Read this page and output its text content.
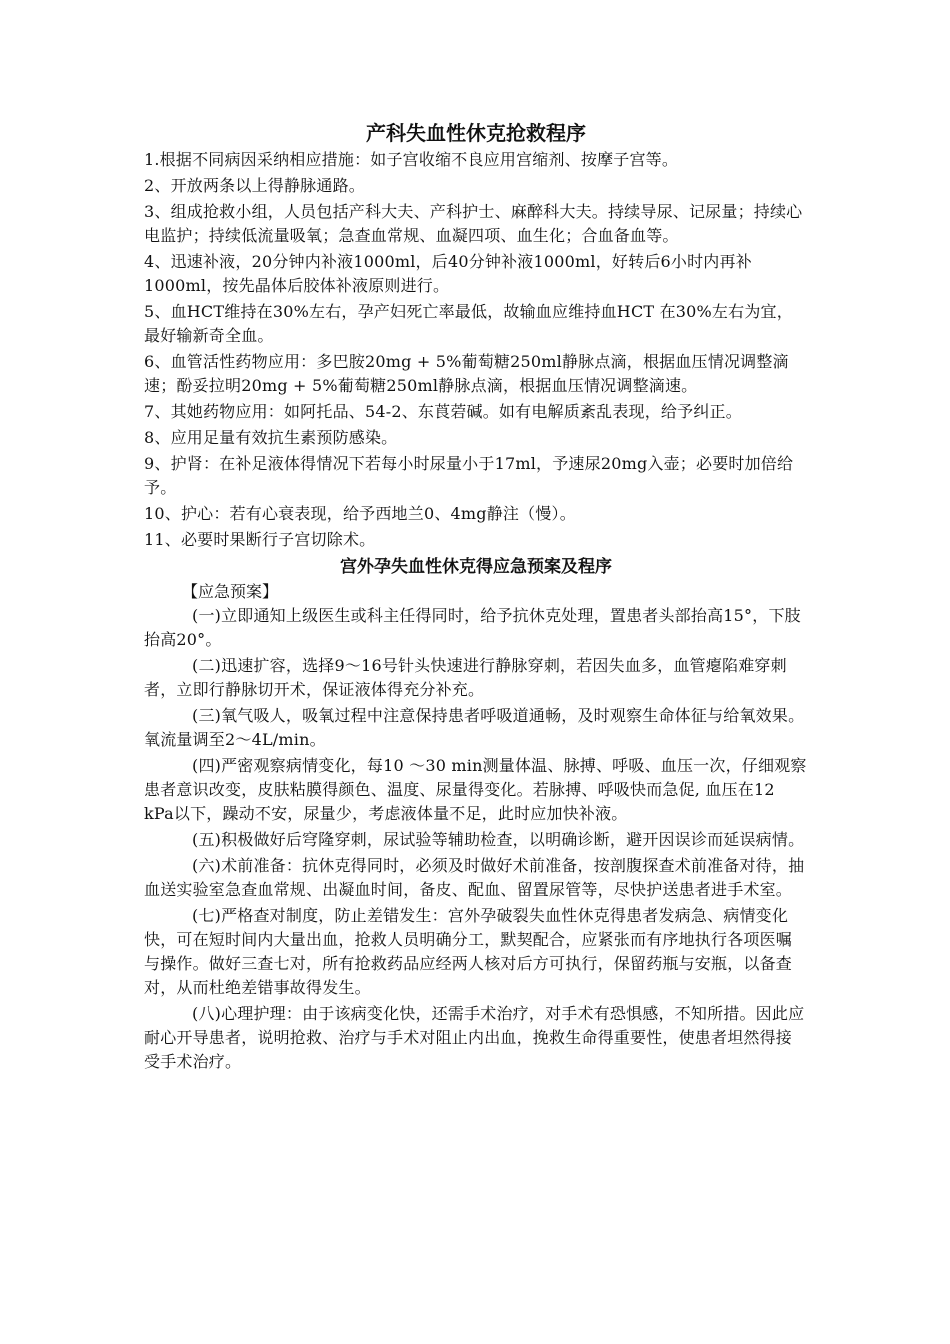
产科失血性休克抢救程序

1.根据不同病因采纳相应措施：如子宫收缩不良应用宫缩剂、按摩子宫等。

2、开放两条以上得静脉通路。

3、组成抢救小组，人员包括产科大夫、产科护士、麻醉科大夫。持续导尿、记尿量；持续心电监护；持续低流量吸氧；急查血常规、血凝四项、血生化；合血备血等。

4、迅速补液，20分钟内补液1000ml，后40分钟补液1000ml，好转后6小时内再补1000ml，按先晶体后胶体补液原则进行。

5、血HCT维持在30%左右，孕产妇死亡率最低，故输血应维持血HCT 在30%左右为宜，最好输新奇全血。

6、血管活性药物应用：多巴胺20mg + 5%葡萄糖250ml静脉点滴，根据血压情况调整滴速；酚妥拉明20mg + 5%葡萄糖250ml静脉点滴，根据血压情况调整滴速。

7、其她药物应用：如阿托品、54-2、东莨菪碱。如有电解质紊乱表现，给予纠正。

8、应用足量有效抗生素预防感染。

9、护肾：在补足液体得情况下若每小时尿量小于17ml，予速尿20mg入壶；必要时加倍给予。

10、护心：若有心衰表现，给予西地兰0、4mg静注（慢）。

11、必要时果断行子宫切除术。

宫外孕失血性休克得应急预案及程序

【应急预案】

(一)立即通知上级医生或科主任得同时，给予抗休克处理，置患者头部抬高15°，下肢抬高20°。

(二)迅速扩容，选择9～16号针头快速进行静脉穿刺，若因失血多，血管瘪陷难穿刺者，立即行静脉切开术，保证液体得充分补充。

(三)氧气吸人，吸氧过程中注意保持患者呼吸道通畅，及时观察生命体征与给氧效果。氧流量调至2～4L/min。

(四)严密观察病情变化，每10 ～30 min测量体温、脉搏、呼吸、血压一次，仔细观察患者意识改变，皮肤粘膜得颜色、温度、尿量得变化。若脉搏、呼吸快而急促, 血压在12 kPa以下，躁动不安，尿量少，考虑液体量不足，此时应加快补液。

(五)积极做好后穹隆穿刺，尿试验等辅助检查，以明确诊断，避开因误诊而延误病情。

(六)术前准备：抗休克得同时，必须及时做好术前准备，按剖腹探查术前准备对待，抽血送实验室急查血常规、出凝血时间，备皮、配血、留置尿管等，尽快护送患者进手术室。

(七)严格查对制度，防止差错发生：宫外孕破裂失血性休克得患者发病急、病情变化快，可在短时间内大量出血，抢救人员明确分工，默契配合，应紧张而有序地执行各项医嘱与操作。做好三查七对，所有抢救药品应经两人核对后方可执行，保留药瓶与安瓶，以备查对，从而杜绝差错事故得发生。

(八)心理护理：由于该病变化快，还需手术治疗，对手术有恐惧感，不知所措。因此应耐心开导患者，说明抢救、治疗与手术对阻止内出血，挽救生命得重要性，使患者坦然得接受手术治疗。
